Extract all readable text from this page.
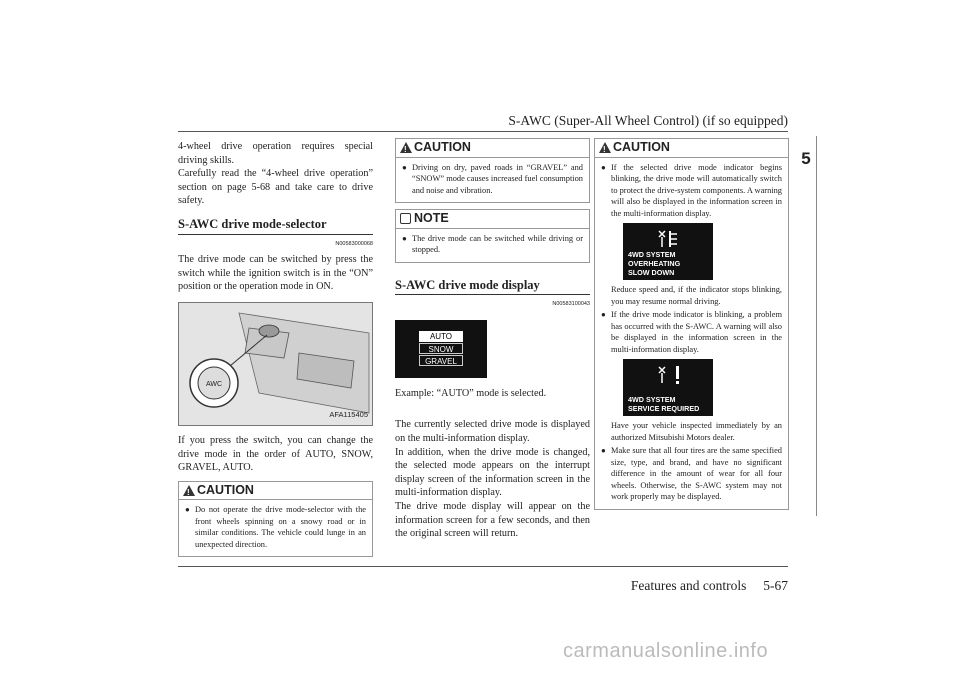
S-AWC (Super-All Wheel Control) (if so equipped)
5

4-wheel drive operation requires special driving skills.
Carefully read the “4-wheel drive operation” section on page 5-68 and take care to drive safety.

S-AWC drive mode-selector
N00583000068

The drive mode can be switched by press the switch while the ignition switch is in the “ON” position or the operation mode in ON.

AWC
AFA115405

If you press the switch, you can change the drive mode in the order of AUTO, SNOW, GRAVEL, AUTO.

!
CAUTION
● Do not operate the drive mode-selector with the front wheels spinning on a snowy road or in similar conditions. The vehicle could lunge in an unexpected direction.
!
CAUTION
● Driving on dry, paved roads in “GRAVEL” and “SNOW” mode causes increased fuel consumption and noise and vibration.
NOTE
● The drive mode can be switched while driving or stopped.
S-AWC drive mode display
N00583100043
AUTO
SNOW
GRAVEL

Example: “AUTO” mode is selected.

The currently selected drive mode is displayed on the multi-information display.
In addition, when the drive mode is changed, the selected mode appears on the interrupt display screen of the information screen in the multi-information display.
The drive mode display will appear on the information screen for a few seconds, and then the original screen will return.

!
CAUTION
● If the selected drive mode indicator begins blinking, the drive mode will automatically switch to protect the drive-system components. A warning will also be displayed in the information screen in the multi-information display.
4WD SYSTEM
OVERHEATING
SLOW DOWN

Reduce speed and, if the indicator stops blinking, you may resume normal driving.

● If the drive mode indicator is blinking, a problem has occurred with the S-AWC. A warning will also be displayed in the information screen in the multi-information display.
4WD SYSTEM
SERVICE REQUIRED

Have your vehicle inspected immediately by an authorized Mitsubishi Motors dealer.

● Make sure that all four tires are the same specified size, type, and brand, and have no significant difference in the amount of wear for all four wheels. Otherwise, the S-AWC system may not work properly may be displayed.
Features and controls     5-67
carmanualsonline.info
